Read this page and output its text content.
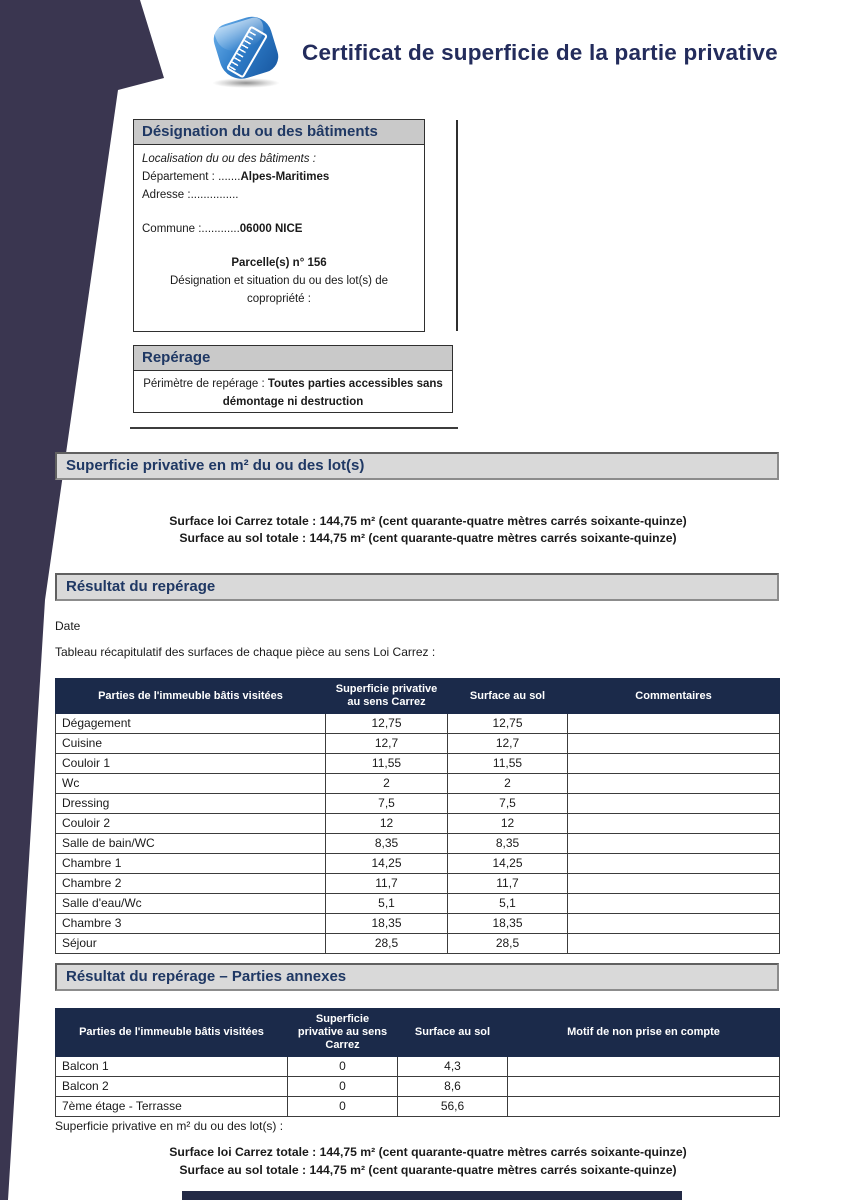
Certificat de superficie de la partie privative
Désignation du ou des bâtiments
Localisation du ou des bâtiments :
Département : .......Alpes-Maritimes
Adresse :...............
Commune :............06000 NICE
Parcelle(s) n° 156
Désignation et situation du ou des lot(s) de copropriété :
Repérage
Périmètre de repérage : Toutes parties accessibles sans démontage ni destruction
Superficie privative en m² du ou des lot(s)
Surface loi Carrez totale : 144,75 m² (cent quarante-quatre mètres carrés soixante-quinze)
Surface au sol totale : 144,75 m² (cent quarante-quatre mètres carrés soixante-quinze)
Résultat du repérage
Date
Tableau récapitulatif des surfaces de chaque pièce au sens Loi Carrez :
Parties de l'immeuble bâtis visitées	Superficie privative au sens Carrez	Surface au sol	Commentaires
Dégagement	12,75	12,75	
Cuisine	12,7	12,7	
Couloir 1	11,55	11,55	
Wc	2	2	
Dressing	7,5	7,5	
Couloir 2	12	12	
Salle de bain/WC	8,35	8,35	
Chambre 1	14,25	14,25	
Chambre 2	11,7	11,7	
Salle d'eau/Wc	5,1	5,1	
Chambre 3	18,35	18,35	
Séjour	28,5	28,5	
Résultat du repérage – Parties annexes
Parties de l'immeuble bâtis visitées	Superficie privative au sens Carrez	Surface au sol	Motif de non prise en compte
Balcon 1	0	4,3	
Balcon 2	0	8,6	
7ème étage - Terrasse	0	56,6	
Superficie privative en m² du ou des lot(s) :
Surface loi Carrez totale : 144,75 m² (cent quarante-quatre mètres carrés soixante-quinze)
Surface au sol totale : 144,75 m² (cent quarante-quatre mètres carrés soixante-quinze)
